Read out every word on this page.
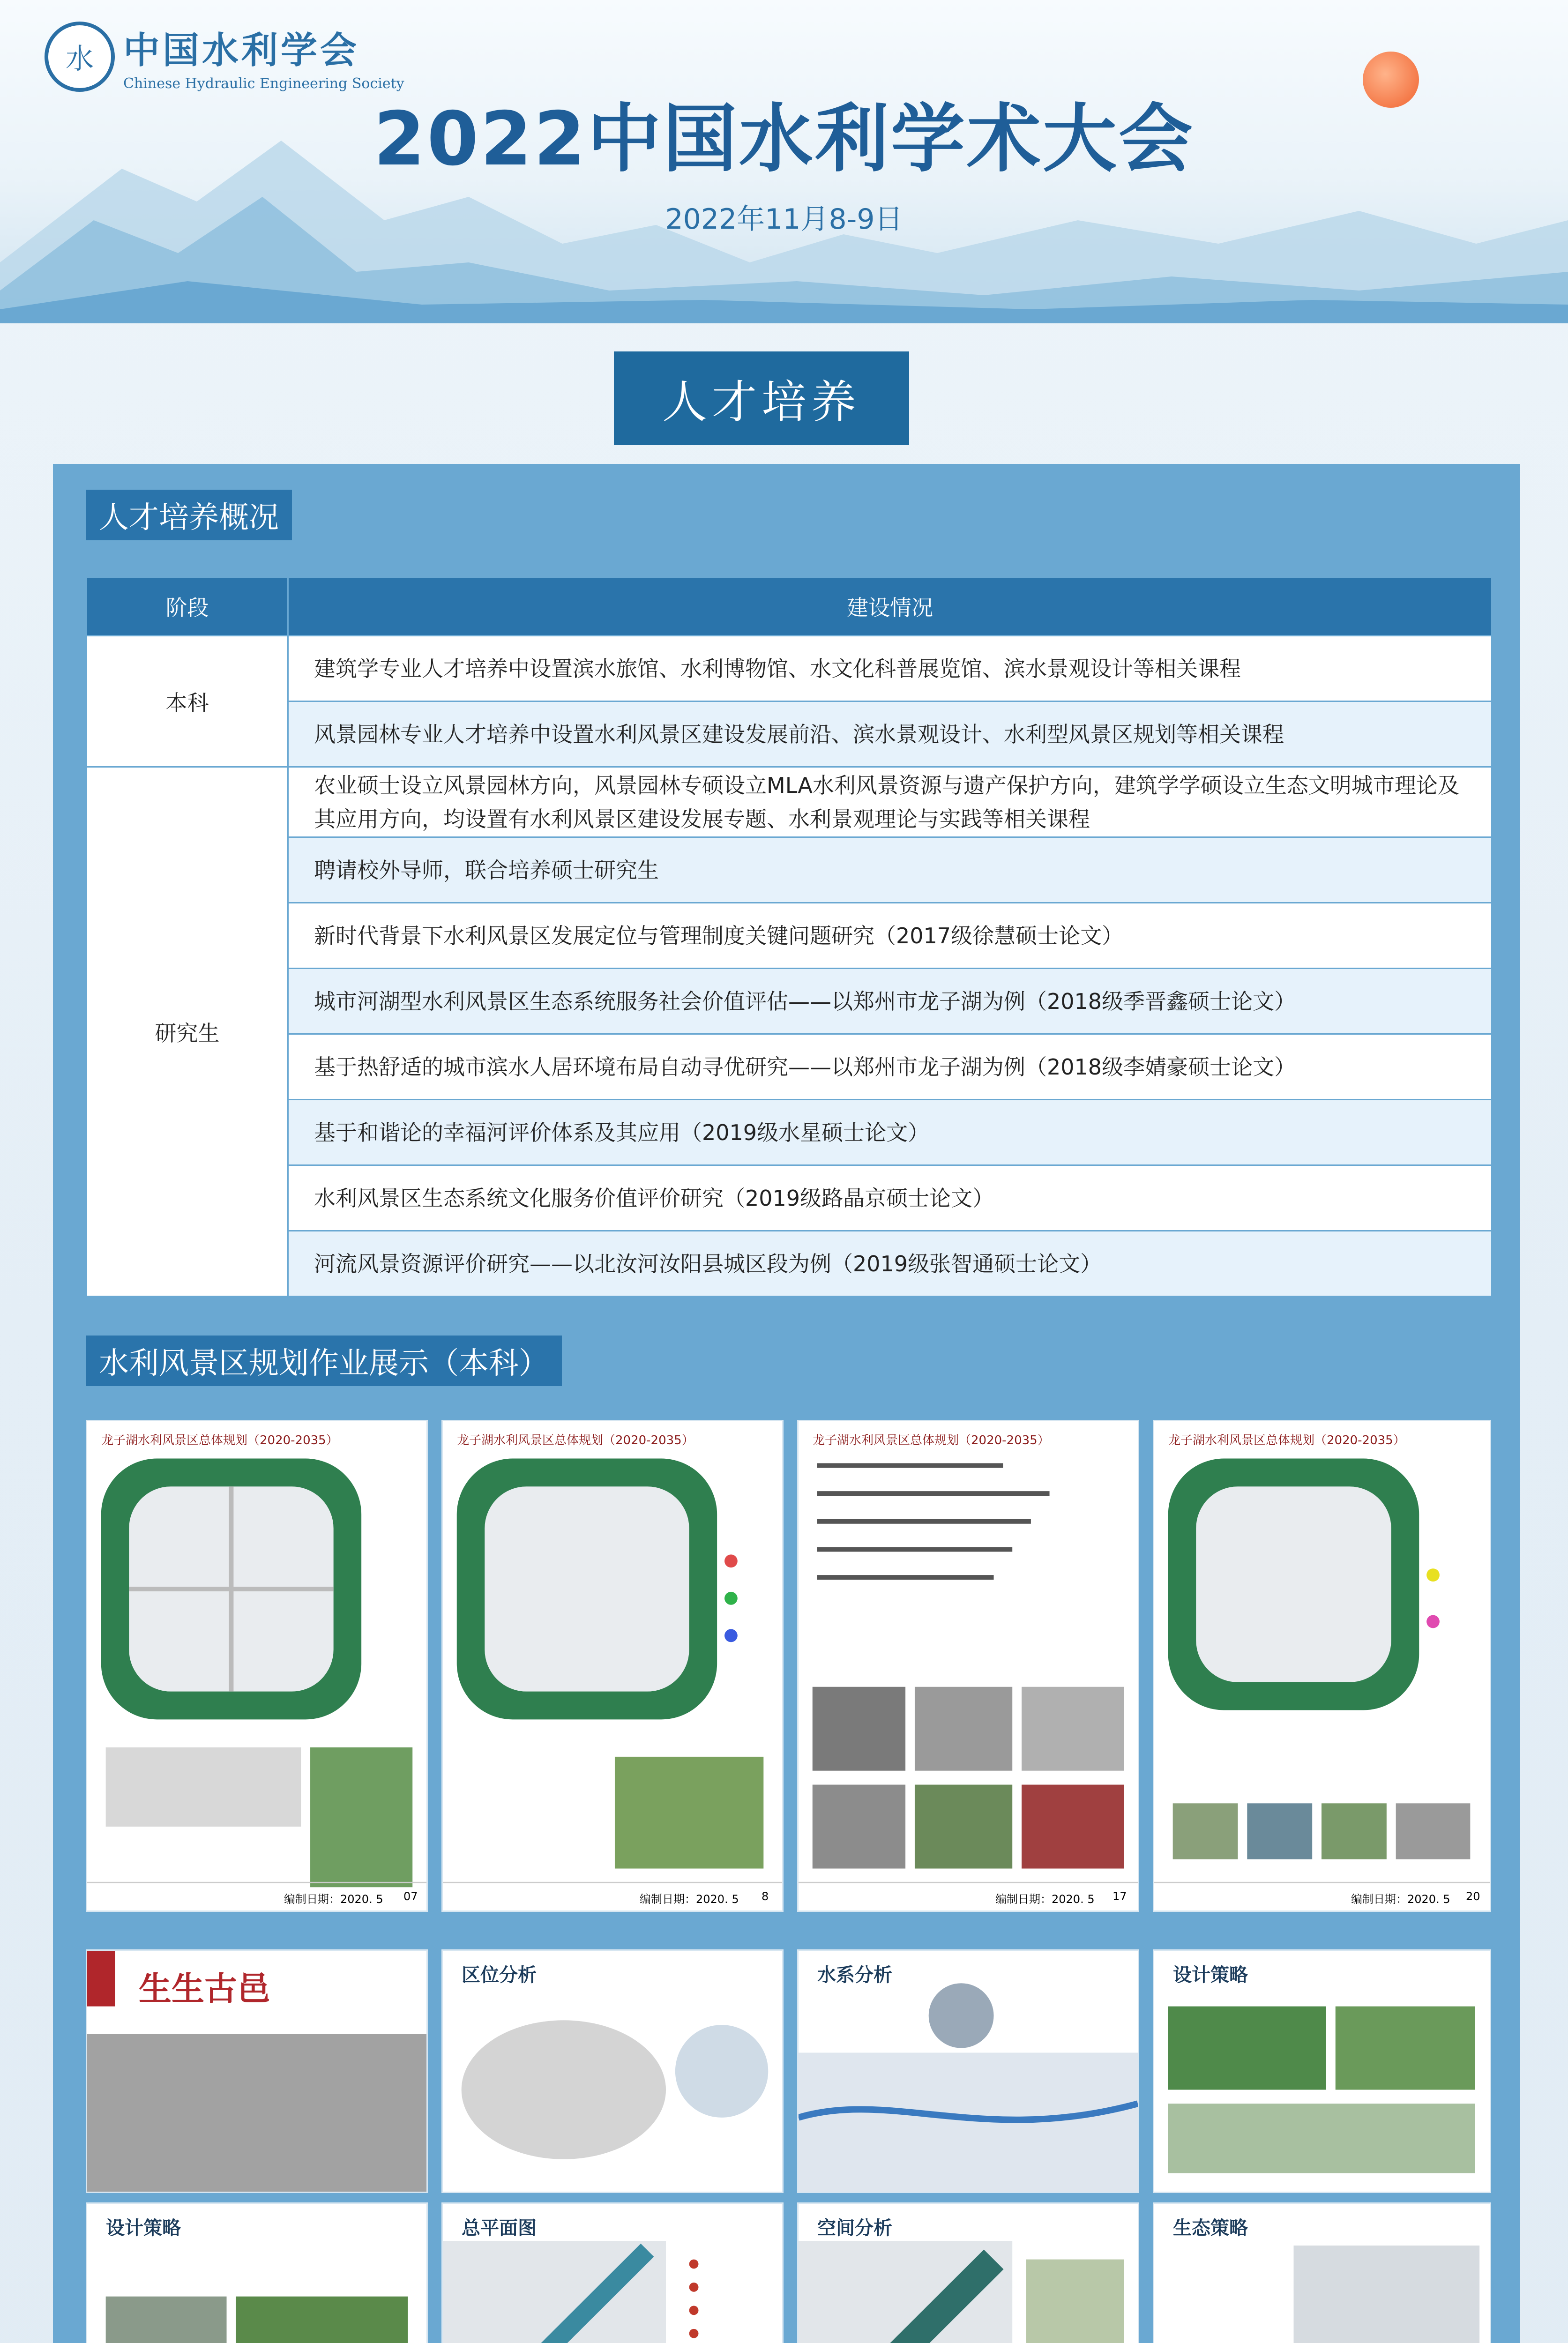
水 中国水利学会
Chinese Hydraulic Engineering Society
2022中国水利学术大会
2022年11月8-9日
人才培养
人才培养概况
阶段	建设情况
本科	建筑学专业人才培养中设置滨水旅馆、水利博物馆、水文化科普展览馆、滨水景观设计等相关课程
	风景园林专业人才培养中设置水利风景区建设发展前沿、滨水景观设计、水利型风景区规划等相关课程
研究生	农业硕士设立风景园林方向，风景园林专硕设立MLA水利风景资源与遗产保护方向，建筑学学硕设立生态文明城市理论及其应用方向，均设置有水利风景区建设发展专题、水利景观理论与实践等相关课程
	聘请校外导师，联合培养硕士研究生
	新时代背景下水利风景区发展定位与管理制度关键问题研究（2017级徐慧硕士论文）
	城市河湖型水利风景区生态系统服务社会价值评估——以郑州市龙子湖为例（2018级季晋鑫硕士论文）
	基于热舒适的城市滨水人居环境布局自动寻优研究——以郑州市龙子湖为例（2018级李婧豪硕士论文）
	基于和谐论的幸福河评价体系及其应用（2019级水星硕士论文）
	水利风景区生态系统文化服务价值评价研究（2019级路晶京硕士论文）
	河流风景资源评价研究——以北汝河汝阳县城区段为例（2019级张智通硕士论文）
水利风景区规划作业展示（本科）
龙子湖水利风景区总体规划（2020-2035）
编制日期：2020. 5 07
龙子湖水利风景区总体规划（2020-2035）
编制日期：2020. 5 8
龙子湖水利风景区总体规划（2020-2035）
编制日期：2020. 5 17
龙子湖水利风景区总体规划（2020-2035）
编制日期：2020. 5 20
生生古邑	区位分析	水系分析	设计策略
设计策略	总平面图	空间分析	生态策略
